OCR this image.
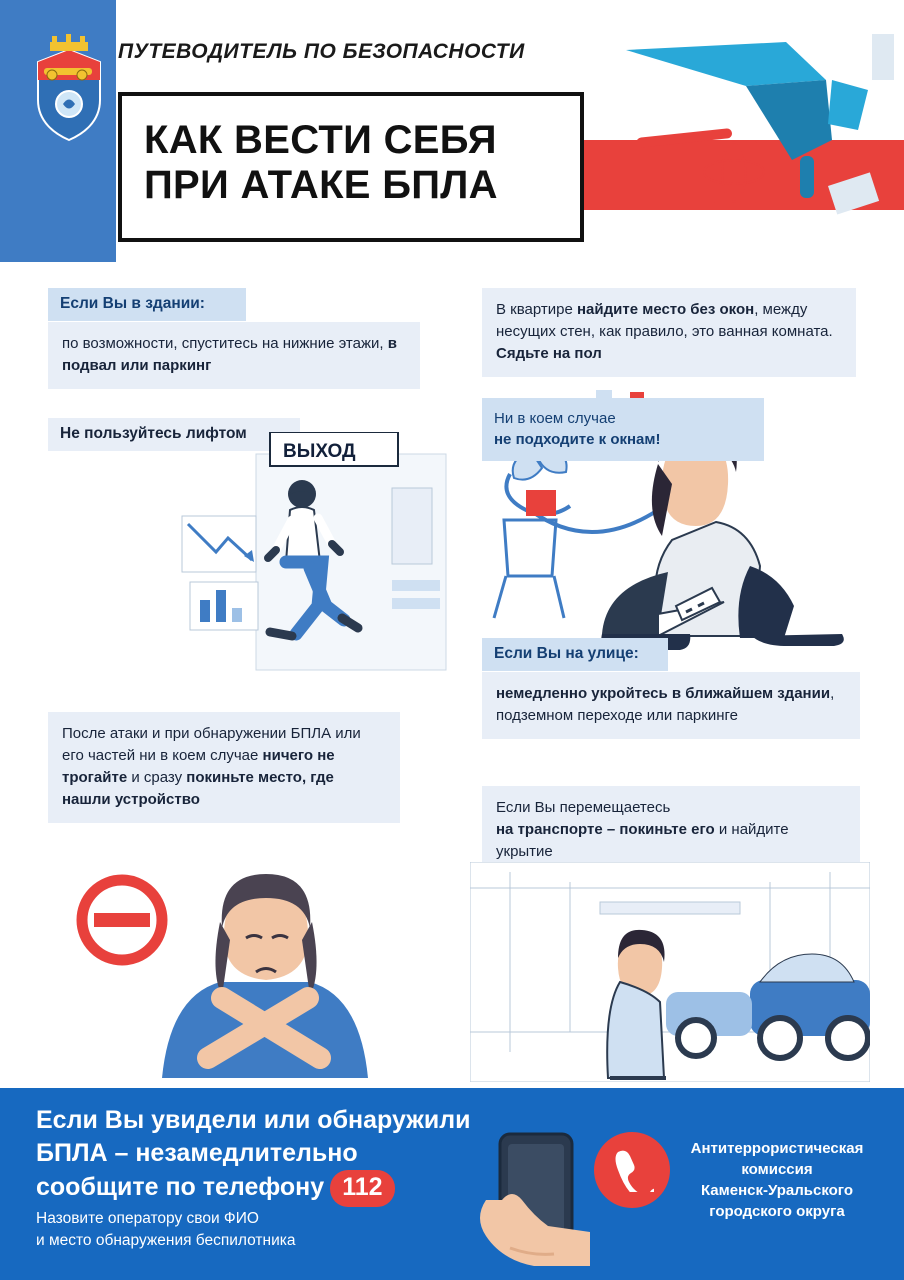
ПУТЕВОДИТЕЛЬ ПО БЕЗОПАСНОСТИ
КАК ВЕСТИ СЕБЯ
ПРИ АТАКЕ БПЛА
Если Вы в здании:
по возможности, спуститесь на нижние этажи, в подвал или паркинг
Не пользуйтесь лифтом
ВЫХОД
После атаки и при обнаружении БПЛА или его частей ни в коем случае ничего не трогайте и сразу покиньте место, где нашли устройство
В квартире найдите место без окон, между несущих стен, как правило, это ванная комната. Сядьте на пол
Ни в коем случае
не подходите к окнам!
Если Вы на улице:
немедленно укройтесь в ближайшем здании, подземном переходе или паркинге
Если Вы перемещаетесь
на транспорте – покиньте его и найдите укрытие
Если Вы увидели или обнаружили
БПЛА – незамедлительно
сообщите по телефону 112
Назовите оператору свои ФИО
и место обнаружения беспилотника
Антитеррористическая
комиссия
Каменск-Уральского
городского округа
